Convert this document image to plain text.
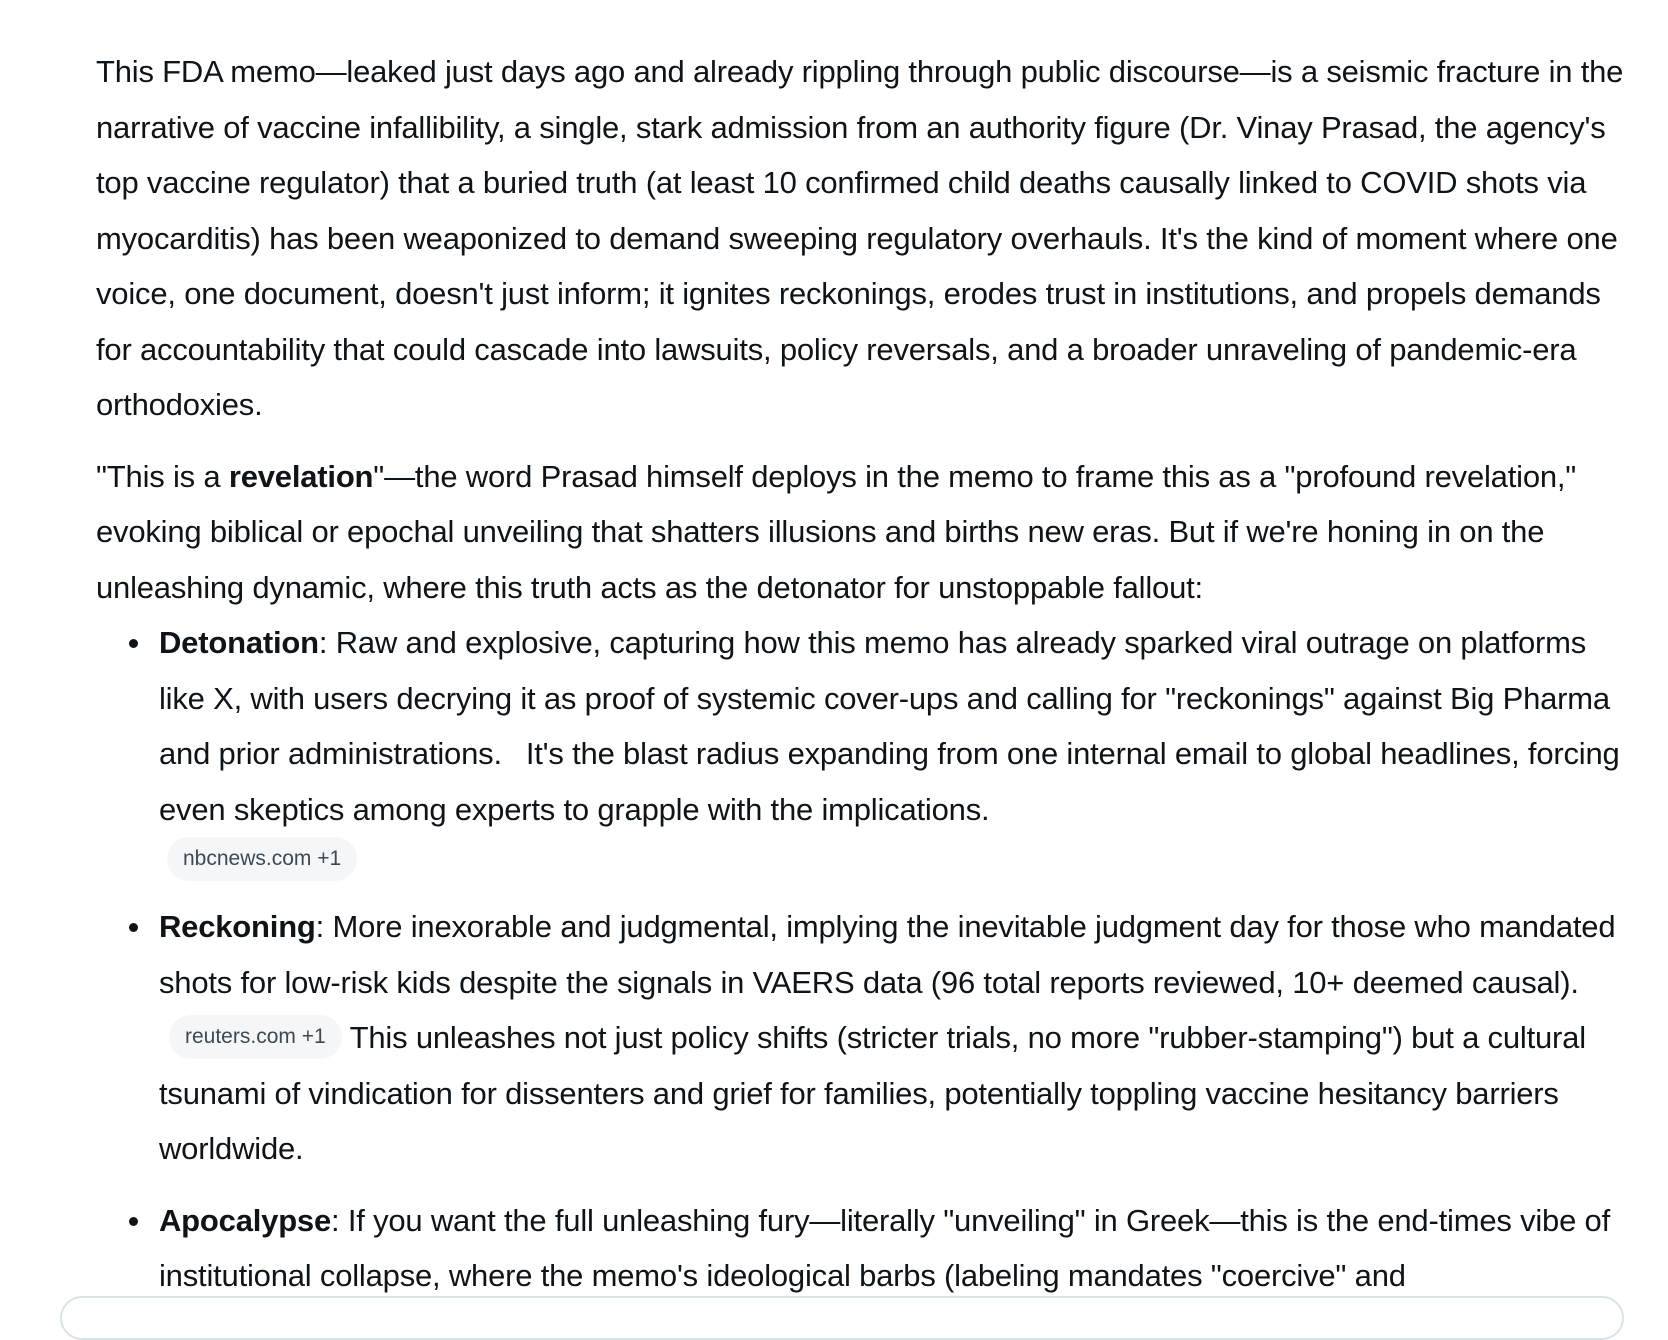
This FDA memo—leaked just days ago and already rippling through public discourse—is a seismic fracture in the narrative of vaccine infallibility, a single, stark admission from an authority figure (Dr. Vinay Prasad, the agency's top vaccine regulator) that a buried truth (at least 10 confirmed child deaths causally linked to COVID shots via myocarditis) has been weaponized to demand sweeping regulatory overhauls. It's the kind of moment where one voice, one document, doesn't just inform; it ignites reckonings, erodes trust in institutions, and propels demands for accountability that could cascade into lawsuits, policy reversals, and a broader unraveling of pandemic-era orthodoxies.

"This is a revelation"—the word Prasad himself deploys in the memo to frame this as a "profound revelation," evoking biblical or epochal unveiling that shatters illusions and births new eras. But if we're honing in on the unleashing dynamic, where this truth acts as the detonator for unstoppable fallout:

Detonation: Raw and explosive, capturing how this memo has already sparked viral outrage on platforms like X, with users decrying it as proof of systemic cover-ups and calling for "reckonings" against Big Pharma and prior administrations. It's the blast radius expanding from one internal email to global headlines, forcing even skeptics among experts to grapple with the implications.
nbcnews.com +1
Reckoning: More inexorable and judgmental, implying the inevitable judgment day for those who mandated shots for low-risk kids despite the signals in VAERS data (96 total reports reviewed, 10+ deemed causal).reuters.com +1 This unleashes not just policy shifts (stricter trials, no more "rubber-stamping") but a cultural tsunami of vindication for dissenters and grief for families, potentially toppling vaccine hesitancy barriers worldwide.
Apocalypse: If you want the full unleashing fury—literally "unveiling" in Greek—this is the end-times vibe of institutional collapse, where the memo's ideological barbs (labeling mandates "coercive" and
